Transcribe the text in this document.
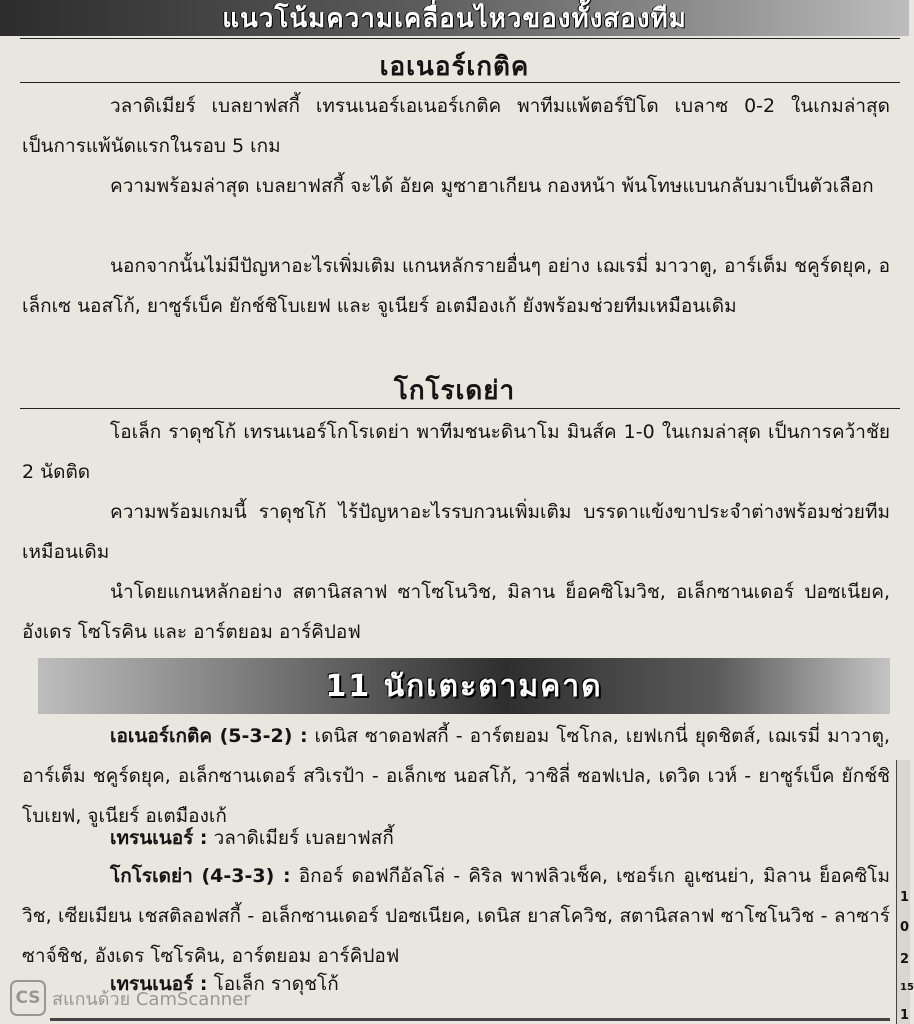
แนวโน้มความเคลื่อนไหวของทั้งสองทีม
เอเนอร์เกติค
วลาดิเมียร์ เบลยาฟสกี้ เทรนเนอร์เอเนอร์เกติค พาทีมแพ้ตอร์ปิโด เบลาซ 0-2 ในเกมล่าสุด เป็นการแพ้นัดแรกในรอบ 5 เกม
ความพร้อมล่าสุด เบลยาฟสกี้ จะได้ อัยค มูซาฮาเกียน กองหน้า พ้นโทษแบนกลับมาเป็นตัวเลือก
นอกจากนั้นไม่มีปัญหาอะไรเพิ่มเติม แกนหลักรายอื่นๆ อย่าง เฌเรมี่ มาวาตู, อาร์เต็ม ชคูร์ดยุค, อเล็กเซ นอสโก้, ยาซูร์เบ็ค ยักช์ชิโบเยฟ และ จูเนียร์ อเตมืองเก้ ยังพร้อมช่วยทีมเหมือนเดิม
โกโรเดย่า
โอเล็ก ราดุชโก้ เทรนเนอร์โกโรเดย่า พาทีมชนะดินาโม มินส์ค 1-0 ในเกมล่าสุด เป็นการคว้าชัย 2 นัดติด
ความพร้อมเกมนี้ ราดุชโก้ ไร้ปัญหาอะไรรบกวนเพิ่มเติม บรรดาแข้งขาประจำต่างพร้อมช่วยทีมเหมือนเดิม
นำโดยแกนหลักอย่าง สตานิสลาฟ ซาโซโนวิช, มิลาน ย็อคซิโมวิช, อเล็กซานเดอร์ ปอซเนียค, อังเดร โซโรคิน และ อาร์ตยอม อาร์คิปอฟ
11 นักเตะตามคาด
เอเนอร์เกติค (5-3-2) : เดนิส ซาดอฟสกี้ - อาร์ตยอม โซโกล, เยฟเกนี่ ยุดชิตส์, เฌเรมี่ มาวาตู, อาร์เต็ม ชคูร์ดยุค, อเล็กซานเดอร์ สวิเรป้า - อเล็กเซ นอสโก้, วาซิลี่ ซอฟเปล, เดวิด เวห์ - ยาซูร์เบ็ค ยักช์ชิโบเยฟ, จูเนียร์ อเตมืองเก้
เทรนเนอร์ : วลาดิเมียร์ เบลยาฟสกี้
โกโรเดย่า (4-3-3) : อิกอร์ ดอฟกีอัลโล่ - คิริล พาฟลิวเช็ค, เซอร์เก อูเซนย่า, มิลาน ย็อคซิโมวิช, เซียเมียน เชสติลอฟสกี้ - อเล็กซานเดอร์ ปอซเนียค, เดนิส ยาสโควิช, สตานิสลาฟ ซาโซโนวิช - ลาซาร์ ซาจ์ชิช, อังเดร โซโรคิน, อาร์ตยอม อาร์คิปอฟ
เทรนเนอร์ : โอเล็ก ราดุชโก้
1
0
2
15
1
CS สแกนด้วย CamScanner
